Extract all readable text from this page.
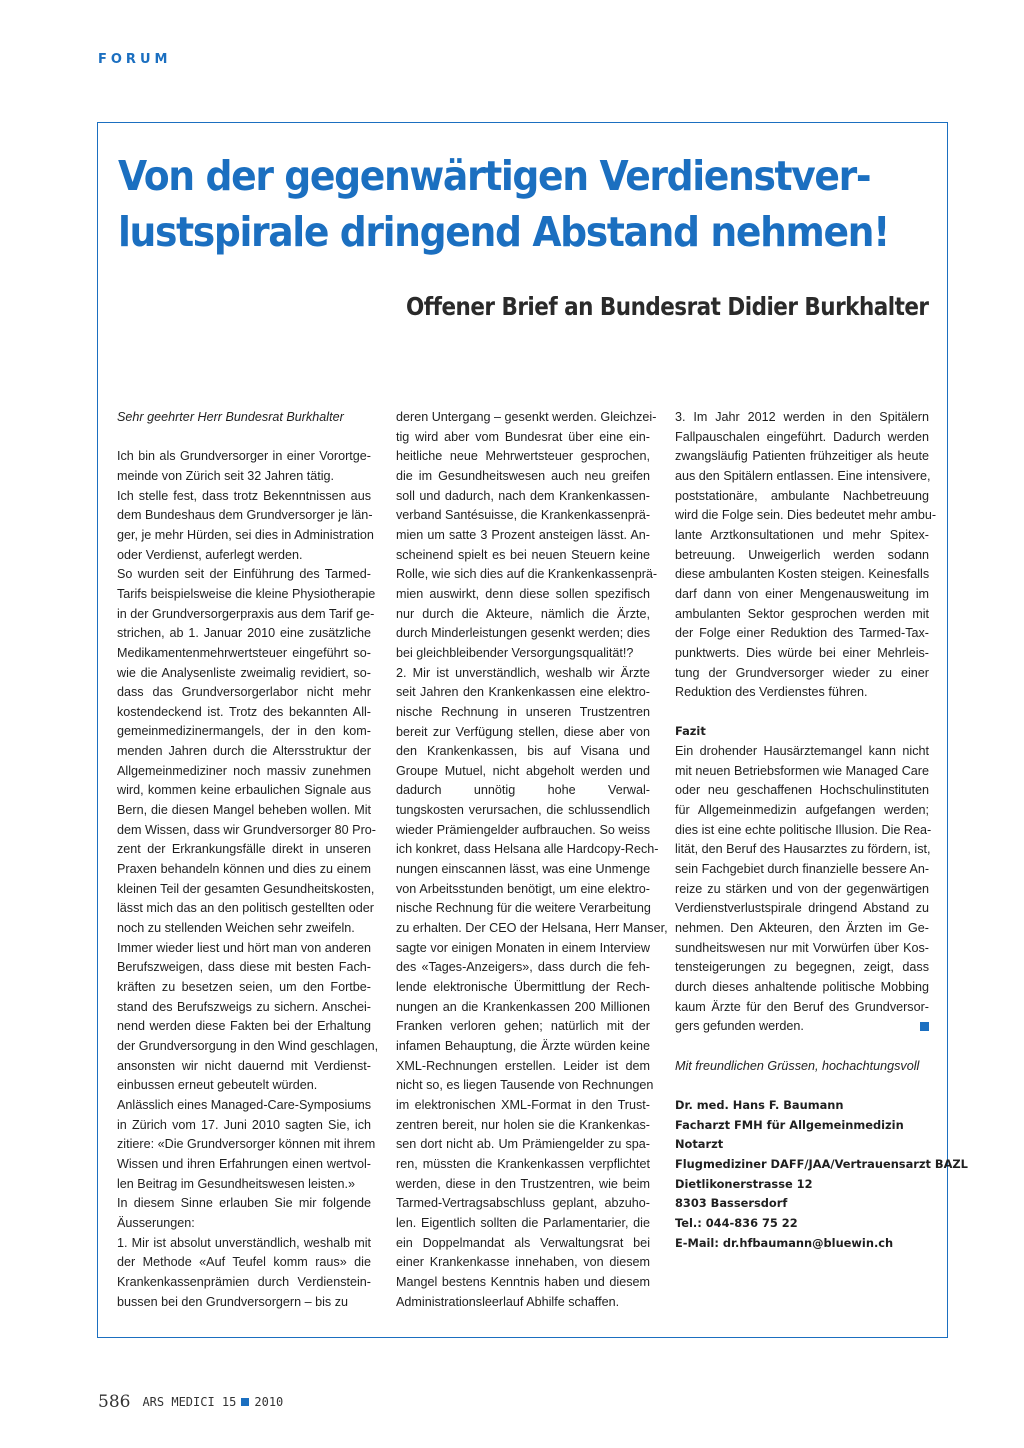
FORUM
Von der gegenwärtigen Verdienstver-
lustspirale dringend Abstand nehmen!
Offener Brief an Bundesrat Didier Burkhalter
Sehr geehrter Herr Bundesrat Burkhalter
Ich bin als Grundversorger in einer Vorortge-
meinde von Zürich seit 32 Jahren tätig.
Ich stelle fest, dass trotz Bekenntnissen aus
dem Bundeshaus dem Grundversorger je län-
ger, je mehr Hürden, sei dies in Administration
oder Verdienst, auferlegt werden.
So wurden seit der Einführung des Tarmed-
Tarifs beispielsweise die kleine Physiotherapie
in der Grundversorgerpraxis aus dem Tarif ge-
strichen, ab 1. Januar 2010 eine zusätzliche
Medikamentenmehrwertsteuer eingeführt so-
wie die Analysenliste zweimalig revidiert, so-
dass das Grundversorgerlabor nicht mehr
kostendeckend ist. Trotz des bekannten All-
gemeinmedizinermangels, der in den kom-
menden Jahren durch die Altersstruktur der
Allgemeinmediziner noch massiv zunehmen
wird, kommen keine erbaulichen Signale aus
Bern, die diesen Mangel beheben wollen. Mit
dem Wissen, dass wir Grundversorger 80 Pro-
zent der Erkrankungsfälle direkt in unseren
Praxen behandeln können und dies zu einem
kleinen Teil der gesamten Gesundheitskosten,
lässt mich das an den politisch gestellten oder
noch zu stellenden Weichen sehr zweifeln.
Immer wieder liest und hört man von anderen
Berufszweigen, dass diese mit besten Fach-
kräften zu besetzen seien, um den Fortbe-
stand des Berufszweigs zu sichern. Anschei-
nend werden diese Fakten bei der Erhaltung
der Grundversorgung in den Wind geschlagen,
ansonsten wir nicht dauernd mit Verdienst-
einbussen erneut gebeutelt würden.
Anlässlich eines Managed-Care-Symposiums
in Zürich vom 17. Juni 2010 sagten Sie, ich
zitiere: «Die Grundversorger können mit ihrem
Wissen und ihren Erfahrungen einen wertvol-
len Beitrag im Gesundheitswesen leisten.»
In diesem Sinne erlauben Sie mir folgende
Äusserungen:
1. Mir ist absolut unverständlich, weshalb mit
der Methode «Auf Teufel komm raus» die
Krankenkassenprämien durch Verdienstein-
bussen bei den Grundversorgern – bis zu
deren Untergang – gesenkt werden. Gleichzei-
tig wird aber vom Bundesrat über eine ein-
heitliche neue Mehrwertsteuer gesprochen,
die im Gesundheitswesen auch neu greifen
soll und dadurch, nach dem Krankenkassen-
verband Santésuisse, die Krankenkassenprä-
mien um satte 3 Prozent ansteigen lässt. An-
scheinend spielt es bei neuen Steuern keine
Rolle, wie sich dies auf die Krankenkassenprä-
mien auswirkt, denn diese sollen spezifisch
nur durch die Akteure, nämlich die Ärzte,
durch Minderleistungen gesenkt werden; dies
bei gleichbleibender Versorgungsqualität!?
2. Mir ist unverständlich, weshalb wir Ärzte
seit Jahren den Krankenkassen eine elektro-
nische Rechnung in unseren Trustzentren
bereit zur Verfügung stellen, diese aber von
den Krankenkassen, bis auf Visana und
Groupe Mutuel, nicht abgeholt werden und
dadurch unnötig hohe Verwal-
tungskosten verursachen, die schlussendlich
wieder Prämiengelder aufbrauchen. So weiss
ich konkret, dass Helsana alle Hardcopy-Rech-
nungen einscannen lässt, was eine Unmenge
von Arbeitsstunden benötigt, um eine elektro-
nische Rechnung für die weitere Verarbeitung
zu erhalten. Der CEO der Helsana, Herr Manser,
sagte vor einigen Monaten in einem Interview
des «Tages-Anzeigers», dass durch die feh-
lende elektronische Übermittlung der Rech-
nungen an die Krankenkassen 200 Millionen
Franken verloren gehen; natürlich mit der
infamen Behauptung, die Ärzte würden keine
XML-Rechnungen erstellen. Leider ist dem
nicht so, es liegen Tausende von Rechnungen
im elektronischen XML-Format in den Trust-
zentren bereit, nur holen sie die Krankenkas-
sen dort nicht ab. Um Prämiengelder zu spa-
ren, müssten die Krankenkassen verpflichtet
werden, diese in den Trustzentren, wie beim
Tarmed-Vertragsabschluss geplant, abzuho-
len. Eigentlich sollten die Parlamentarier, die
ein Doppelmandat als Verwaltungsrat bei
einer Krankenkasse innehaben, von diesem
Mangel bestens Kenntnis haben und diesem
Administrationsleerlauf Abhilfe schaffen.
3. Im Jahr 2012 werden in den Spitälern
Fallpauschalen eingeführt. Dadurch werden
zwangsläufig Patienten frühzeitiger als heute
aus den Spitälern entlassen. Eine intensivere,
poststationäre, ambulante Nachbetreuung
wird die Folge sein. Dies bedeutet mehr ambu-
lante Arztkonsultationen und mehr Spitex-
betreuung. Unweigerlich werden sodann
diese ambulanten Kosten steigen. Keinesfalls
darf dann von einer Mengenausweitung im
ambulanten Sektor gesprochen werden mit
der Folge einer Reduktion des Tarmed-Tax-
punktwerts. Dies würde bei einer Mehrleis-
tung der Grundversorger wieder zu einer
Reduktion des Verdienstes führen.
Fazit
Ein drohender Hausärztemangel kann nicht
mit neuen Betriebsformen wie Managed Care
oder neu geschaffenen Hochschulinstituten
für Allgemeinmedizin aufgefangen werden;
dies ist eine echte politische Illusion. Die Rea-
lität, den Beruf des Hausarztes zu fördern, ist,
sein Fachgebiet durch finanzielle bessere An-
reize zu stärken und von der gegenwärtigen
Verdienstverlustspirale dringend Abstand zu
nehmen. Den Akteuren, den Ärzten im Ge-
sundheitswesen nur mit Vorwürfen über Kos-
tensteigerungen zu begegnen, zeigt, dass
durch dieses anhaltende politische Mobbing
kaum Ärzte für den Beruf des Grundversor-
gers gefunden werden.
Mit freundlichen Grüssen, hochachtungsvoll
Dr. med. Hans F. Baumann
Facharzt FMH für Allgemeinmedizin
Notarzt
Flugmediziner DAFF/JAA/Vertrauensarzt BAZL
Dietlikonerstrasse 12
8303 Bassersdorf
Tel.: 044-836 75 22
E-Mail: dr.hfbaumann@bluewin.ch
586 ARS MEDICI 15 2010
